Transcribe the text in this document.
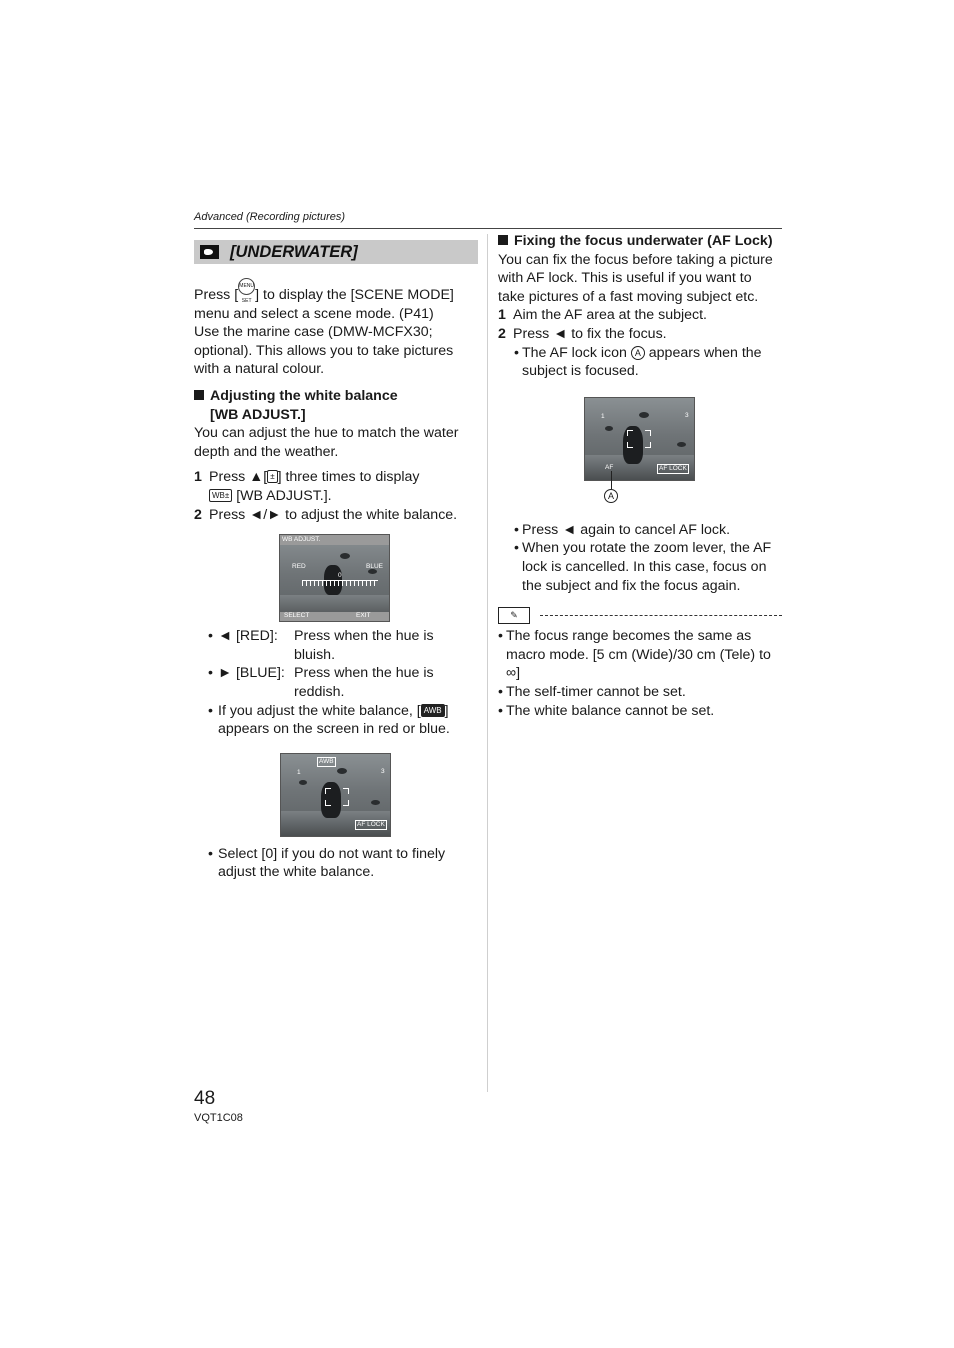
Advanced (Recording pictures)
[UNDERWATER]

Press [MENU SET ] to display the [SCENE MODE] menu and select a scene mode. (P41)
Use the marine case (DMW-MCFX30; optional). This allows you to take pictures with a natural colour.

Adjusting the white balance
[WB ADJUST.]

You can adjust the hue to match the water depth and the weather.

1 Press ▲[ ± ] three times to display
WB± [WB ADJUST.].

2 Press ◄/► to adjust the white balance.

WB ADJUST.
RED	BLUE
0
SELECT	EXIT
• ◄ [RED]:	Press when the hue is bluish.
• ► [BLUE]: Press when the hue is reddish.

• If you adjust the white balance, [ AWB ] appears on the screen in red or blue.

AWB
1	3
AF LOCK

• Select [0] if you do not want to finely adjust the white balance.

Fixing the focus underwater (AF Lock)

You can fix the focus before taking a picture with AF lock. This is useful if you want to take pictures of a fast moving subject etc.

1 Aim the AF area at the subject.

2 Press ◄ to fix the focus.

• The AF lock icon A appears when the subject is focused.

1	3
AF	AF LOCK
A

• Press ◄ again to cancel AF lock.

• When you rotate the zoom lever, the AF lock is cancelled. In this case, focus on the subject and fix the focus again.

✎

• The focus range becomes the same as macro mode. [5 cm (Wide)/30 cm (Tele) to ∞]

• The self-timer cannot be set.

• The white balance cannot be set.

48
VQT1C08
